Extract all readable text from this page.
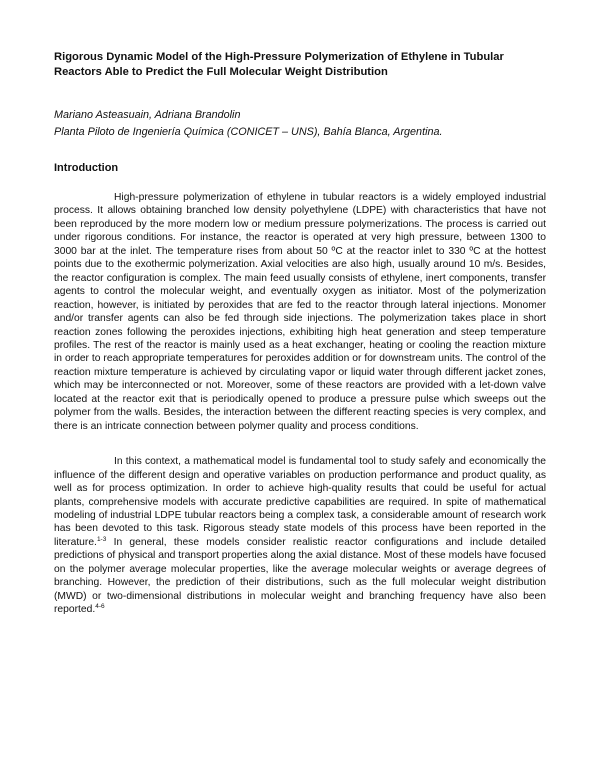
Rigorous Dynamic Model of the High-Pressure Polymerization of Ethylene in Tubular Reactors Able to Predict the Full Molecular Weight Distribution

Mariano Asteasuain, Adriana Brandolin

Planta Piloto de Ingeniería Química (CONICET – UNS), Bahía Blanca, Argentina.

Introduction

High-pressure polymerization of ethylene in tubular reactors is a widely employed industrial process. It allows obtaining branched low density polyethylene (LDPE) with characteristics that have not been reproduced by the more modern low or medium pressure polymerizations. The process is carried out under rigorous conditions. For instance, the reactor is operated at very high pressure, between 1300 to 3000 bar at the inlet. The temperature rises from about 50 ºC at the reactor inlet to 330 ºC at the hottest points due to the exothermic polymerization. Axial velocities are also high, usually around 10 m/s. Besides, the reactor configuration is complex. The main feed usually consists of ethylene, inert components, transfer agents to control the molecular weight, and eventually oxygen as initiator. Most of the polymerization reaction, however, is initiated by peroxides that are fed to the reactor through lateral injections. Monomer and/or transfer agents can also be fed through side injections. The polymerization takes place in short reaction zones following the peroxides injections, exhibiting high heat generation and steep temperature profiles. The rest of the reactor is mainly used as a heat exchanger, heating or cooling the reaction mixture in order to reach appropriate temperatures for peroxides addition or for downstream units. The control of the reaction mixture temperature is achieved by circulating vapor or liquid water through different jacket zones, which may be interconnected or not. Moreover, some of these reactors are provided with a let-down valve located at the reactor exit that is periodically opened to produce a pressure pulse which sweeps out the polymer from the walls. Besides, the interaction between the different reacting species is very complex, and there is an intricate connection between polymer quality and process conditions.

In this context, a mathematical model is fundamental tool to study safely and economically the influence of the different design and operative variables on production performance and product quality, as well as for process optimization. In order to achieve high-quality results that could be useful for actual plants, comprehensive models with accurate predictive capabilities are required. In spite of mathematical modeling of industrial LDPE tubular reactors being a complex task, a considerable amount of research work has been devoted to this task. Rigorous steady state models of this process have been reported in the literature.$^{1-3}$ In general, these models consider realistic reactor configurations and include detailed predictions of physical and transport properties along the axial distance. Most of these models have focused on the polymer average molecular properties, like the average molecular weights or average degrees of branching. However, the prediction of their distributions, such as the full molecular weight distribution (MWD) or two-dimensional distributions in molecular weight and branching frequency have also been reported.$^{4-6}$
